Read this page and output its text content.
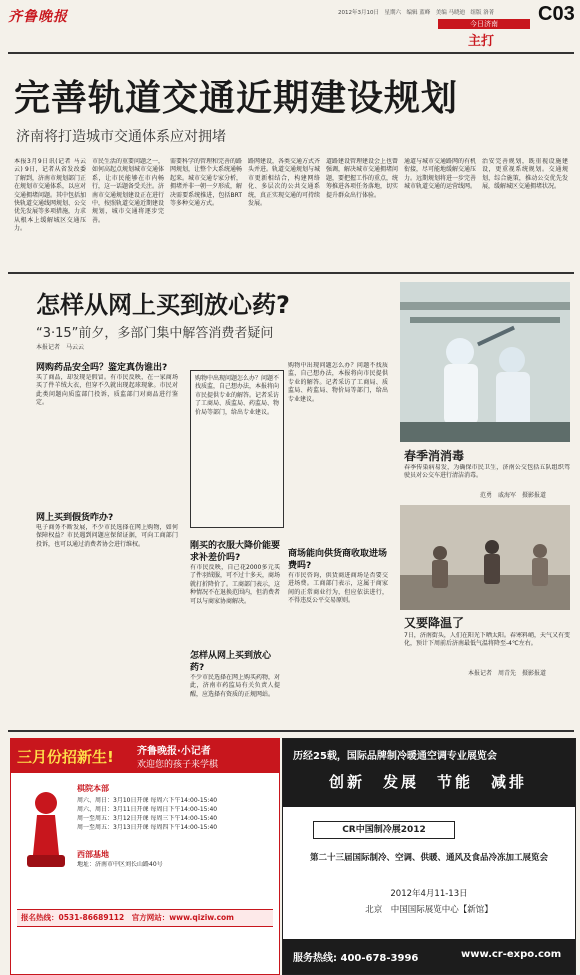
齐鲁晚报	2012年3月10日　星期六　编辑 蓝峰　美编 马晓迪　组版 洛菁 C03
今日济南
主打
完善轨道交通近期建设规划
济南将打造城市交通体系应对拥堵
本报3月9日讯(记者 马云云) 9日，记者从省发改委了解到，济南市规划部门正在规划市交通体系，以应对交通拥堵问题。其中包括加快轨道交通线网规划、公交优先发展等多项措施，力求从根本上缓解城区交通压力。
市民生活的重要问题之一，如何高起点规划城市交通体系，让市民能够在市内畅行，这一话题备受关注。济南市交通规划建设正在进行中，按照轨道交通近期建设规划，城市交通将逐步完善。
需要科学的管理和完善的路网规划，让整个大系统通畅起来。城市交通专家分析，拥堵并非一朝一夕形成，解决需要系统推进，包括BRT等多种交通方式。
路网建设，各类交通方式齐头并进。轨道交通规划与城市更新相结合，构建网络化、多层次的公共交通系统，真正实现交通的可持续发展。
道路建设管理建设会上也曾强调，解决城市交通拥堵问题，要把握工作的重点，统筹推进各项任务落地，切实提升群众出行体验。
通道与城市交通路网的有机衔接，尽可能地缓解交通压力。远期规划将进一步完善城市轨道交通的运营线网。
治安完善规划，既重视设施建设，更重视系统规划。交通规划，综合施策，推动公交优先发展，缓解城区交通拥堵状况。
怎样从网上买到放心药?
“3·15”前夕，多部门集中解答消费者疑问
本报记者　马云云
网购药品安全吗？鉴定真伪谁出?
买了商品，却发现是假冒。有市民反映，在一家商场买了件羊绒大衣，但穿不久就出现起球现象。市民对此类问题向质监部门投诉，质监部门对商品进行鉴定。
网上买到假货咋办?
电子商务不断发展，不少市民选择在网上购物，如何保障权益？市民遇到问题应保留证据，可向工商部门投诉，也可以通过消费者协会进行维权。
购物中出现问题怎么办？问题不找质监，自己想办法，本报将向市民提供专业的解答。记者采访了工商局、质监局、药监局、物价局等部门，给出专业建议。
刚买的衣服大降价能要求补差价吗?
有市民反映，自己花2000多元买了件羽绒服，可不过十多天，商场就打折降价了。工商部门表示，这种情况不在退换范围内，但消费者可以与商家协商解决。
怎样从网上买到放心药?
不少市民选择在网上购买药物，对此，济南市药监局有关负责人提醒，应选择有资质的正规网站。
购物中出现问题怎么办？问题不找质监，自己想办法，本报将向市民提供专业的解答。记者采访了工商局、质监局、药监局、物价局等部门，给出专业建议。
商场能向供货商收取进场费吗?
有市民咨询，供货商进商场是否要交进场费。工商部门表示，这属于商家间的正常商业行为，但应依法进行，不得违反公平交易原则。
春季消消毒
春季传染病易发，为确保市民卫生，济南公交包括五队组织驾驶员对公交车进行清洁消毒。
范勇　戚海军　摄影报道
又要降温了
7日，济南街头，人们在阳光下晒太阳。春寒料峭，天气又有变化，预计下周前后济南最低气温将降至-4℃左右。
本报记者　周青先　摄影报道
三月份招新生! 齐鲁晚报·小记者
欢迎您的孩子来学棋
棋院本部
周六、周日：3月10日开课 每周六下午14:00-15:40
周六、周日：3月11日开课 每周日下午14:00-15:40
周一至周五：3月12日开课 每周三下午14:00-15:40
周一至周五：3月13日开课 每周四下午14:00-15:40
西部基地
地址：济南市中区刘长山路40号
报名热线：0531-86689112　官方网站：www.qiziw.com
历经25载，国际品牌制冷暖通空调专业展览会
创新　发展　节能　减排
CR中国制冷展2012
第二十三届国际制冷、空调、供暖、通风及食品冷冻加工展览会
2012年4月11-13日
北京　中国国际展览中心【新馆】
服务热线: 400-678-3996	www.cr-expo.com
